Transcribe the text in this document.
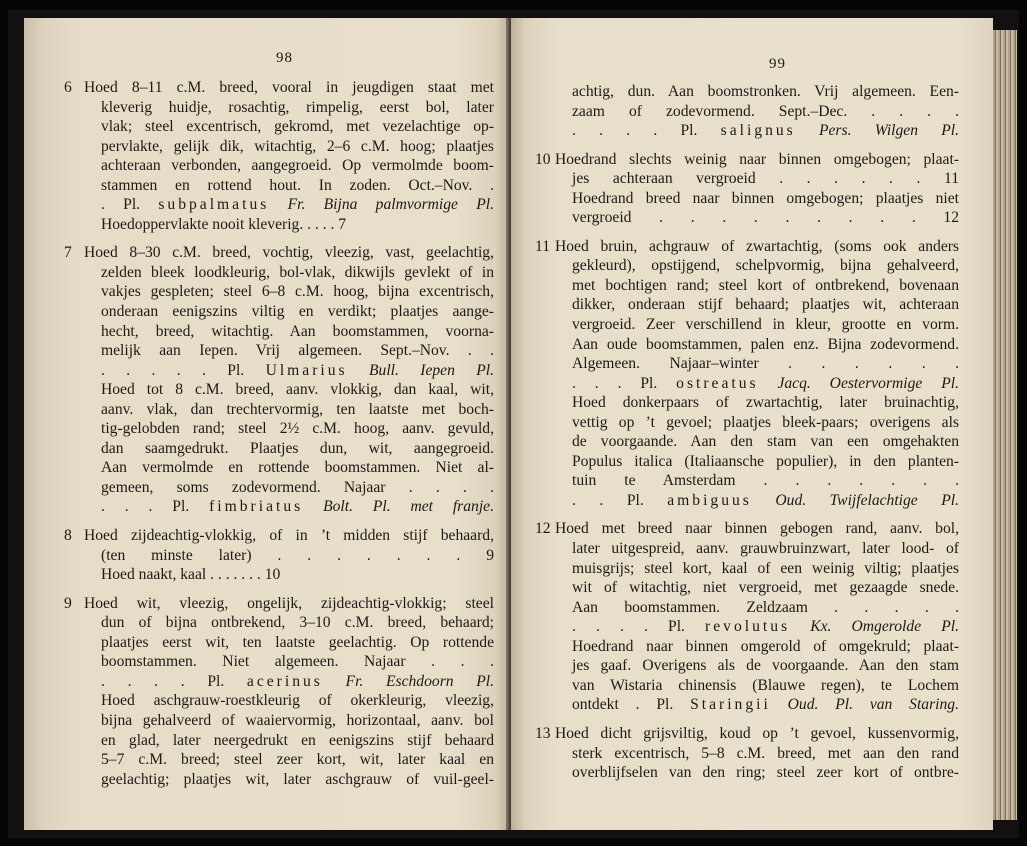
98
6 Hoed 8–11 c.M. breed, vooral in jeugdigen staat met
kleverig huidje, rosachtig, rimpelig, eerst bol, later
vlak; steel excentrisch, gekromd, met vezelachtige op-
pervlakte, gelijk dik, witachtig, 2–6 c.M. hoog; plaatjes
achteraan verbonden, aangegroeid. Op vermolmde boom-
stammen en rottend hout. In zoden. Oct.–Nov. .
. Pl. subpalmatus Fr. Bijna palmvormige Pl.
Hoedoppervlakte nooit kleverig. . . . . 7
7 Hoed 8–30 c.M. breed, vochtig, vleezig, vast, geelachtig,
zelden bleek loodkleurig, bol-vlak, dikwijls gevlekt of in
vakjes gespleten; steel 6–8 c.M. hoog, bijna excentrisch,
onderaan eenigszins viltig en verdikt; plaatjes aange-
hecht, breed, witachtig. Aan boomstammen, voorna-
melijk aan Iepen. Vrij algemeen. Sept.–Nov. . .
. . . . . Pl. Ulmarius Bull. Iepen Pl.
Hoed tot 8 c.M. breed, aanv. vlokkig, dan kaal, wit,
aanv. vlak, dan trechtervormig, ten laatste met boch-
tig-gelobden rand; steel 2½ c.M. hoog, aanv. gevuld,
dan saamgedrukt. Plaatjes dun, wit, aangegroeid.
Aan vermolmde en rottende boomstammen. Niet al-
gemeen, soms zodevormend. Najaar . . . .
. . . Pl. fimbriatus Bolt. Pl. met franje.
8 Hoed zijdeachtig-vlokkig, of in ’t midden stijf behaard,
(ten minste later) . . . . . . . 9
Hoed naakt, kaal . . . . . . . 10
9 Hoed wit, vleezig, ongelijk, zijdeachtig-vlokkig; steel
dun of bijna ontbrekend, 3–10 c.M. breed, behaard;
plaatjes eerst wit, ten laatste geelachtig. Op rottende
boomstammen. Niet algemeen. Najaar . . .
. . . . Pl. acerinus Fr. Eschdoorn Pl.
Hoed aschgrauw-roestkleurig of okerkleurig, vleezig,
bijna gehalveerd of waaiervormig, horizontaal, aanv. bol
en glad, later neergedrukt en eenigszins stijf behaard
5–7 c.M. breed; steel zeer kort, wit, later kaal en
geelachtig; plaatjes wit, later aschgrauw of vuil-geel-
99
achtig, dun. Aan boomstronken. Vrij algemeen. Een-
zaam of zodevormend. Sept.–Dec. . . . .
. . . . Pl. salignus Pers. Wilgen Pl.
10 Hoedrand slechts weinig naar binnen omgebogen; plaat-
jes achteraan vergroeid . . . . . . 11
Hoedrand breed naar binnen omgebogen; plaatjes niet
vergroeid . . . . . . . . . 12
11 Hoed bruin, achgrauw of zwartachtig, (soms ook anders
gekleurd), opstijgend, schelpvormig, bijna gehalveerd,
met bochtigen rand; steel kort of ontbrekend, bovenaan
dikker, onderaan stijf behaard; plaatjes wit, achteraan
vergroeid. Zeer verschillend in kleur, grootte en vorm.
Aan oude boomstammen, palen enz. Bijna zodevormend.
Algemeen. Najaar–winter . . . . . .
. . . Pl. ostreatus Jacq. Oestervormige Pl.
Hoed donkerpaars of zwartachtig, later bruinachtig,
vettig op ’t gevoel; plaatjes bleek-paars; overigens als
de voorgaande. Aan den stam van een omgehakten
Populus italica (Italiaansche populier), in den planten-
tuin te Amsterdam . . . . . . .
. . Pl. ambiguus Oud. Twijfelachtige Pl.
12 Hoed met breed naar binnen gebogen rand, aanv. bol,
later uitgespreid, aanv. grauwbruinzwart, later lood- of
muisgrijs; steel kort, kaal of een weinig viltig; plaatjes
wit of witachtig, niet vergroeid, met gezaagde snede.
Aan boomstammen. Zeldzaam . . . . .
. . . . Pl. revolutus Kx. Omgerolde Pl.
Hoedrand naar binnen omgerold of omgekruld; plaat-
jes gaaf. Overigens als de voorgaande. Aan den stam
van Wistaria chinensis (Blauwe regen), te Lochem
ontdekt . Pl. Staringii Oud. Pl. van Staring.
13 Hoed dicht grijsviltig, koud op ’t gevoel, kussenvormig,
sterk excentrisch, 5–8 c.M. breed, met aan den rand
overblijfselen van den ring; steel zeer kort of ontbre-
